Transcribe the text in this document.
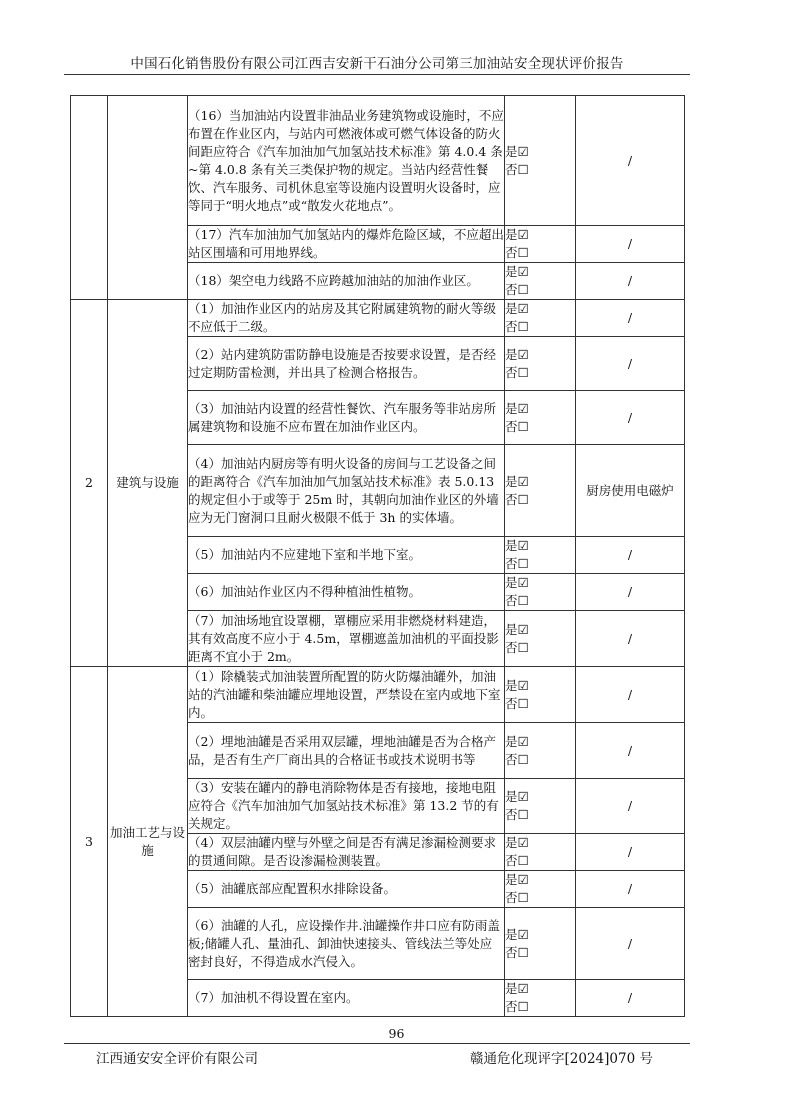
中国石化销售股份有限公司江西吉安新干石油分公司第三加油站安全现状评价报告
		（16）当加油站内设置非油品业务建筑物或设施时，不应布置在作业区内，与站内可燃液体或可燃气体设备的防火间距应符合《汽车加油加气加氢站技术标准》第 4.0.4 条~第 4.0.8 条有关三类保护物的规定。当站内经营性餐饮、汽车服务、司机休息室等设施内设置明火设备时，应等同于“明火地点”或“散发火花地点”。	是☑
否☐	/
		（17）汽车加油加气加氢站内的爆炸危险区域，不应超出站区围墙和可用地界线。	是☑
否☐	/
		（18）架空电力线路不应跨越加油站的加油作业区。	是☑
否☐	/
2	建筑与设施	（1）加油作业区内的站房及其它附属建筑物的耐火等级不应低于二级。	是☑
否☐	/
		（2）站内建筑防雷防静电设施是否按要求设置，是否经过定期防雷检测，并出具了检测合格报告。	是☑
否☐	/
		（3）加油站内设置的经营性餐饮、汽车服务等非站房所属建筑物和设施不应布置在加油作业区内。	是☑
否☐	/
		（4）加油站内厨房等有明火设备的房间与工艺设备之间的距离符合《汽车加油加气加氢站技术标准》表 5.0.13 的规定但小于或等于 25m 时，其朝向加油作业区的外墙应为无门窗洞口且耐火极限不低于 3h 的实体墙。	是☑
否☐	厨房使用电磁炉
		（5）加油站内不应建地下室和半地下室。	是☑
否☐	/
		（6）加油站作业区内不得种植油性植物。	是☑
否☐	/
		（7）加油场地宜设罩棚，罩棚应采用非燃烧材料建造，其有效高度不应小于 4.5m，罩棚遮盖加油机的平面投影距离不宜小于 2m。	是☑
否☐	/
3	加油工艺与设施	（1）除橇装式加油装置所配置的防火防爆油罐外，加油站的汽油罐和柴油罐应埋地设置，严禁设在室内或地下室内。	是☑
否☐	/
		（2）埋地油罐是否采用双层罐，埋地油罐是否为合格产品，是否有生产厂商出具的合格证书或技术说明书等	是☑
否☐	/
		（3）安装在罐内的静电消除物体是否有接地，接地电阻应符合《汽车加油加气加氢站技术标准》第 13.2 节的有关规定。	是☑
否☐	/
		（4）双层油罐内壁与外壁之间是否有满足渗漏检测要求的贯通间隙。是否设渗漏检测装置。	是☑
否☐	/
		（5）油罐底部应配置积水排除设备。	是☑
否☐	/
		（6）油罐的人孔，应设操作井.油罐操作井口应有防雨盖板;储罐人孔、量油孔、卸油快速接头、管线法兰等处应密封良好，不得造成水汽侵入。	是☑
否☐	/
		（7）加油机不得设置在室内。	是☑
否☐	/
96
江西通安安全评价有限公司	赣通危化现评字[2024]070 号
